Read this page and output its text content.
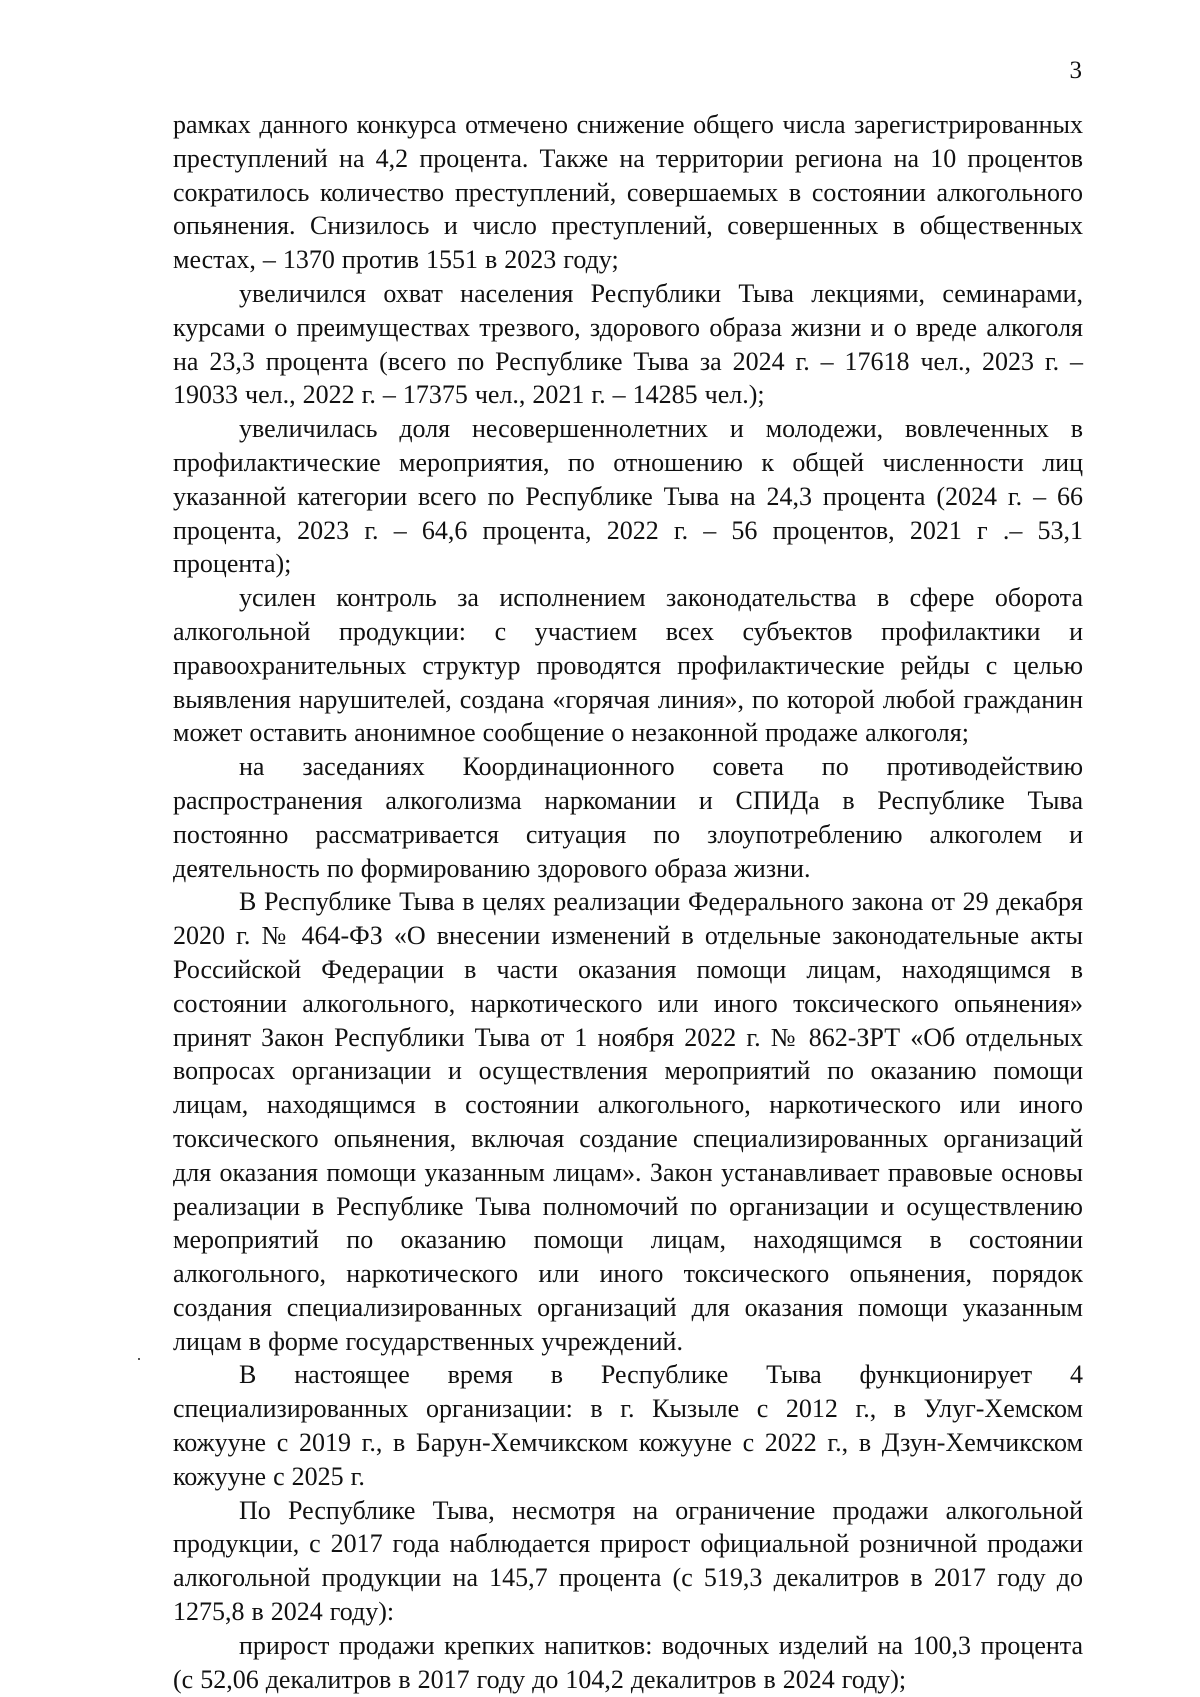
3

рамках данного конкурса отмечено снижение общего числа зарегистрированных преступлений на 4,2 процента. Также на территории региона на 10 процентов сократилось количество преступлений, совершаемых в состоянии алкогольного опьянения. Снизилось и число преступлений, совершенных в общественных местах, – 1370 против 1551 в 2023 году;

увеличился охват населения Республики Тыва лекциями, семинарами, курсами о преимуществах трезвого, здорового образа жизни и о вреде алкоголя на 23,3 процента (всего по Республике Тыва за 2024 г. – 17618 чел., 2023 г. – 19033 чел., 2022 г. – 17375 чел., 2021 г. – 14285 чел.);

увеличилась доля несовершеннолетних и молодежи, вовлеченных в профилактические мероприятия, по отношению к общей численности лиц указанной категории всего по Республике Тыва на 24,3 процента (2024 г. – 66 процента, 2023 г. – 64,6 процента, 2022 г. – 56 процентов, 2021 г .– 53,1 процента);

усилен контроль за исполнением законодательства в сфере оборота алкогольной продукции: с участием всех субъектов профилактики и правоохранительных структур проводятся профилактические рейды с целью выявления нарушителей, создана «горячая линия», по которой любой гражданин может оставить анонимное сообщение о незаконной продаже алкоголя;

на заседаниях Координационного совета по противодействию распространения алкоголизма наркомании и СПИДа в Республике Тыва постоянно рассматривается ситуация по злоупотреблению алкоголем и деятельность по формированию здорового образа жизни.

В Республике Тыва в целях реализации Федерального закона от 29 декабря 2020 г. № 464-ФЗ «О внесении изменений в отдельные законодательные акты Российской Федерации в части оказания помощи лицам, находящимся в состоянии алкогольного, наркотического или иного токсического опьянения» принят Закон Республики Тыва от 1 ноября 2022 г. № 862-ЗРТ «Об отдельных вопросах организации и осуществления мероприятий по оказанию помощи лицам, находящимся в состоянии алкогольного, наркотического или иного токсического опьянения, включая создание специализированных организаций для оказания помощи указанным лицам». Закон устанавливает правовые основы реализации в Республике Тыва полномочий по организации и осуществлению мероприятий по оказанию помощи лицам, находящимся в состоянии алкогольного, наркотического или иного токсического опьянения, порядок создания специализированных организаций для оказания помощи указанным лицам в форме государственных учреждений.

В настоящее время в Республике Тыва функционирует 4 специализированных организации: в г. Кызыле с 2012 г., в Улуг-Хемском кожууне с 2019 г., в Барун-Хемчикском кожууне с 2022 г., в Дзун-Хемчикском кожууне с 2025 г.

По Республике Тыва, несмотря на ограничение продажи алкогольной продукции, с 2017 года наблюдается прирост официальной розничной продажи алкогольной продукции на 145,7 процента (с 519,3 декалитров в 2017 году до 1275,8 в 2024 году):

прирост продажи крепких напитков: водочных изделий на 100,3 процента (с 52,06 декалитров в 2017 году до 104,2 декалитров в 2024 году);
